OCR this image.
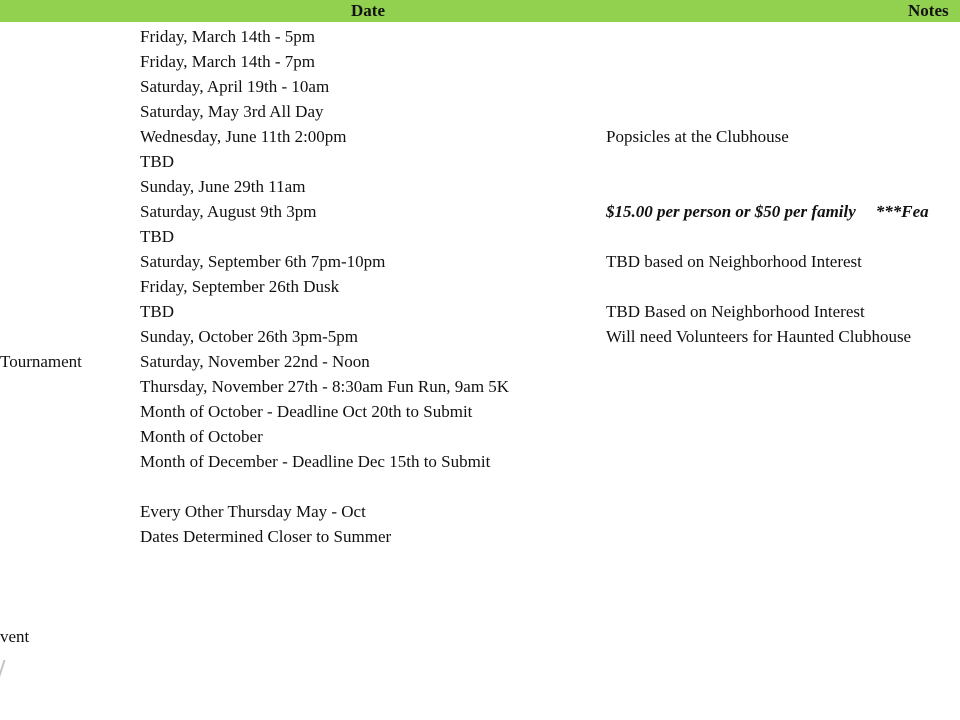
Date	Notes
Tournament
vent
Friday, March 14th - 5pm
Friday, March 14th - 7pm
Saturday, April 19th - 10am
Saturday, May 3rd All Day
Wednesday, June 11th 2:00pm
TBD
Sunday, June 29th 11am
Saturday, August 9th 3pm
TBD
Saturday, September 6th 7pm-10pm
Friday, September 26th Dusk
TBD
Sunday, October 26th 3pm-5pm
Saturday, November 22nd - Noon
Thursday, November 27th - 8:30am Fun Run, 9am 5K
Month of October - Deadline Oct 20th to Submit
Month of October
Month of December - Deadline Dec 15th to Submit
Every Other Thursday May - Oct
Dates Determined Closer to Summer
Popsicles at the Clubhouse
$15.00 per person or $50 per family ***Fea
TBD based on Neighborhood Interest
TBD Based on Neighborhood Interest
Will need Volunteers for Haunted Clubhouse
